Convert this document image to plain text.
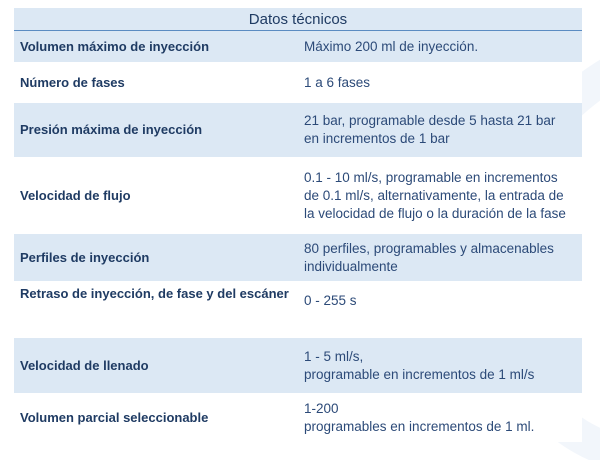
Datos técnicos	
Volumen máximo de inyección	Máximo 200 ml de inyección.

Número de fases	1 a 6 fases

Presión máxima de inyección	21 bar, programable desde 5 hasta 21 bar
en incrementos de 1 bar

Velocidad de flujo	0.1 - 10 ml/s, programable en incrementos
de 0.1 ml/s, alternativamente, la entrada de
la velocidad de flujo o la duración de la fase

Perfiles de inyección	80 perfiles, programables y almacenables
individualmente

Retraso de inyección, de fase y del escáner	0 - 255 s

Velocidad de llenado	1 - 5 ml/s,
programable en incrementos de 1 ml/s

Volumen parcial seleccionable	1-200
programables en incrementos de 1 ml.
